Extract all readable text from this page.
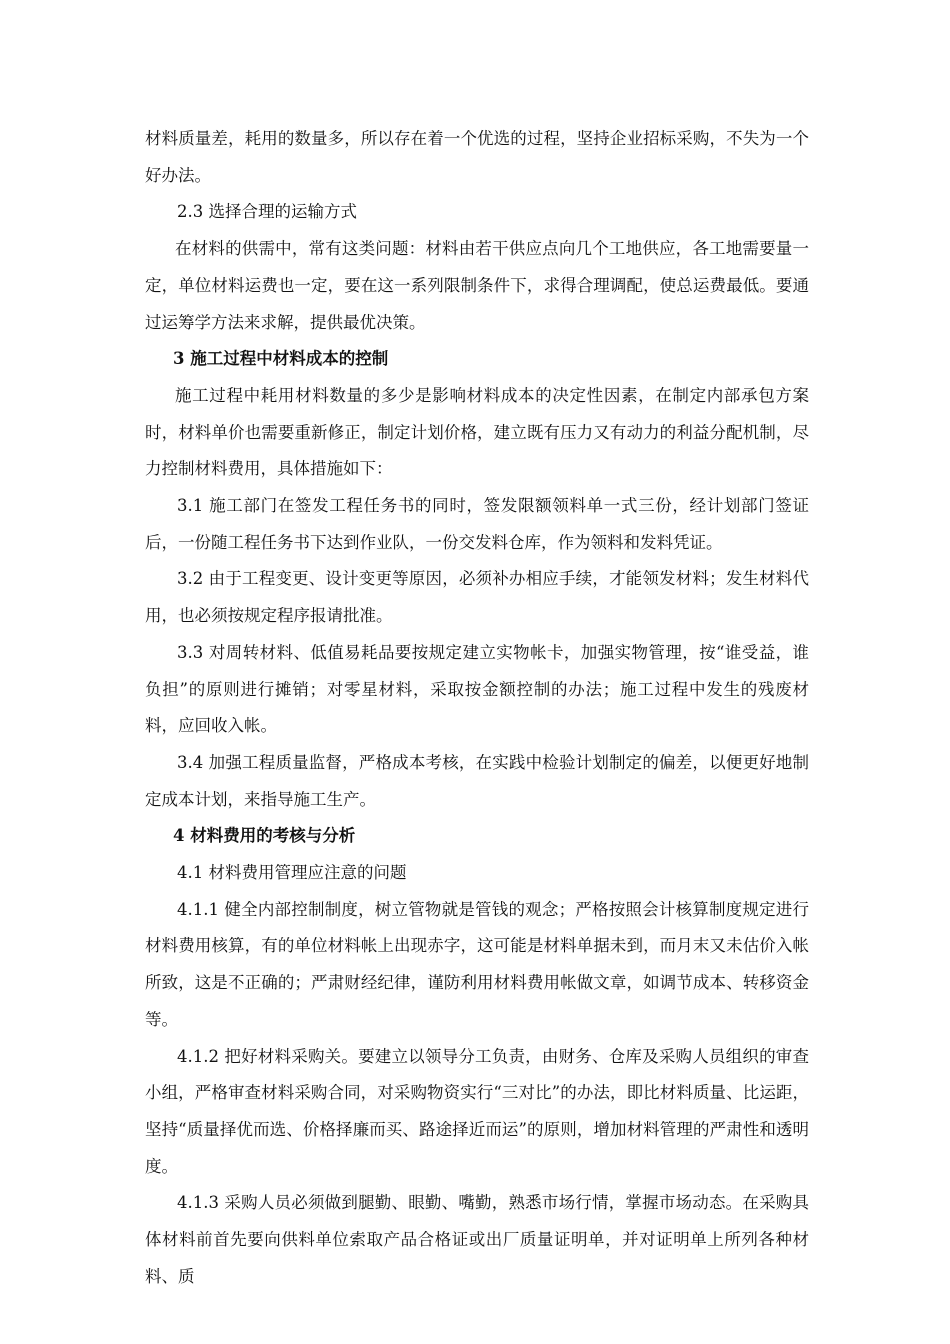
材料质量差，耗用的数量多，所以存在着一个优选的过程，坚持企业招标采购，不失为一个好办法。

2.3 选择合理的运输方式

在材料的供需中，常有这类问题：材料由若干供应点向几个工地供应，各工地需要量一定，单位材料运费也一定，要在这一系列限制条件下，求得合理调配，使总运费最低。要通过运筹学方法来求解，提供最优决策。

3 施工过程中材料成本的控制

施工过程中耗用材料数量的多少是影响材料成本的决定性因素，在制定内部承包方案时，材料单价也需要重新修正，制定计划价格，建立既有压力又有动力的利益分配机制，尽力控制材料费用，具体措施如下：

3.1 施工部门在签发工程任务书的同时，签发限额领料单一式三份，经计划部门签证后，一份随工程任务书下达到作业队，一份交发料仓库，作为领料和发料凭证。

3.2 由于工程变更、设计变更等原因，必须补办相应手续，才能领发材料；发生材料代用，也必须按规定程序报请批准。

3.3 对周转材料、低值易耗品要按规定建立实物帐卡，加强实物管理，按“谁受益，谁负担”的原则进行摊销；对零星材料，采取按金额控制的办法；施工过程中发生的残废材料，应回收入帐。

3.4 加强工程质量监督，严格成本考核，在实践中检验计划制定的偏差，以便更好地制定成本计划，来指导施工生产。

4 材料费用的考核与分析

4.1 材料费用管理应注意的问题

4.1.1 健全内部控制制度，树立管物就是管钱的观念；严格按照会计核算制度规定进行材料费用核算，有的单位材料帐上出现赤字，这可能是材料单据未到，而月末又未估价入帐所致，这是不正确的；严肃财经纪律，谨防利用材料费用帐做文章，如调节成本、转移资金等。

4.1.2 把好材料采购关。要建立以领导分工负责，由财务、仓库及采购人员组织的审查小组，严格审查材料采购合同，对采购物资实行“三对比”的办法，即比材料质量、比运距，坚持“质量择优而选、价格择廉而买、路途择近而运”的原则，增加材料管理的严肃性和透明度。

4.1.3 采购人员必须做到腿勤、眼勤、嘴勤，熟悉市场行情，掌握市场动态。在采购具体材料前首先要向供料单位索取产品合格证或出厂质量证明单，并对证明单上所列各种材料、质
